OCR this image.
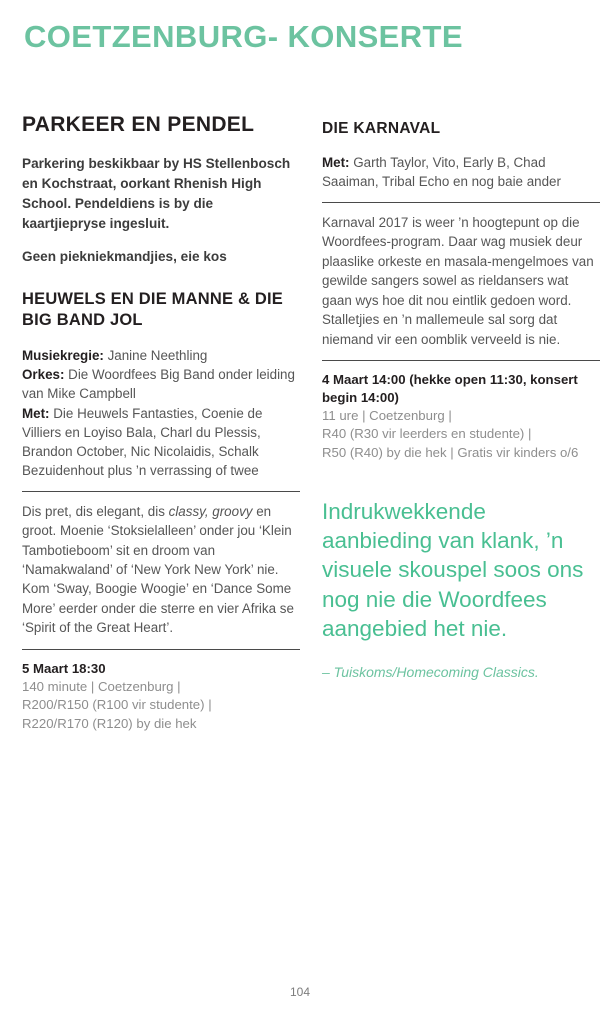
COETZENBURG- KONSERTE
PARKEER EN PENDEL
Parkering beskikbaar by HS Stellenbosch en Kochstraat, oorkant Rhenish High School. Pendeldiens is by die kaartjiepryse ingesluit.
Geen piekniekmandjies, eie kos
HEUWELS EN DIE MANNE & DIE BIG BAND JOL
Musiekregie: Janine Neethling
Orkes: Die Woordfees Big Band onder leiding van Mike Campbell
Met: Die Heuwels Fantasties, Coenie de Villiers en Loyiso Bala, Charl du Plessis, Brandon October, Nic Nicolaidis, Schalk Bezuidenhout plus ’n verrassing of twee
Dis pret, dis elegant, dis classy, groovy en groot. Moenie ‘Stoksielalleen’ onder jou ‘Klein Tambotieboom’ sit en droom van ‘Namakwaland’ of ‘New York New York’ nie. Kom ‘Sway, Boogie Woogie’ en ‘Dance Some More’ eerder onder die sterre en vier Afrika se ‘Spirit of the Great Heart’.
5 Maart 18:30
140 minute | Coetzenburg |
R200/R150 (R100 vir studente) |
R220/R170 (R120) by die hek
DIE KARNAVAL
Met: Garth Taylor, Vito, Early B, Chad Saaiman, Tribal Echo en nog baie ander
Karnaval 2017 is weer ’n hoogtepunt op die Woordfees-program. Daar wag musiek deur plaaslike orkeste en masala-mengelmoes van gewilde sangers sowel as rieldansers wat gaan wys hoe dit nou eintlik gedoen word. Stalletjies en ’n mallemeule sal sorg dat niemand vir een oomblik verveeld is nie.
4 Maart 14:00 (hekke open 11:30, konsert begin 14:00)
11 ure | Coetzenburg |
R40 (R30 vir leerders en studente) |
R50 (R40) by die hek | Gratis vir kinders o/6
Indrukwekkende aanbieding van klank, ’n visuele skouspel soos ons nog nie die Woordfees aangebied het nie.
– Tuiskoms/Homecoming Classics.
104
